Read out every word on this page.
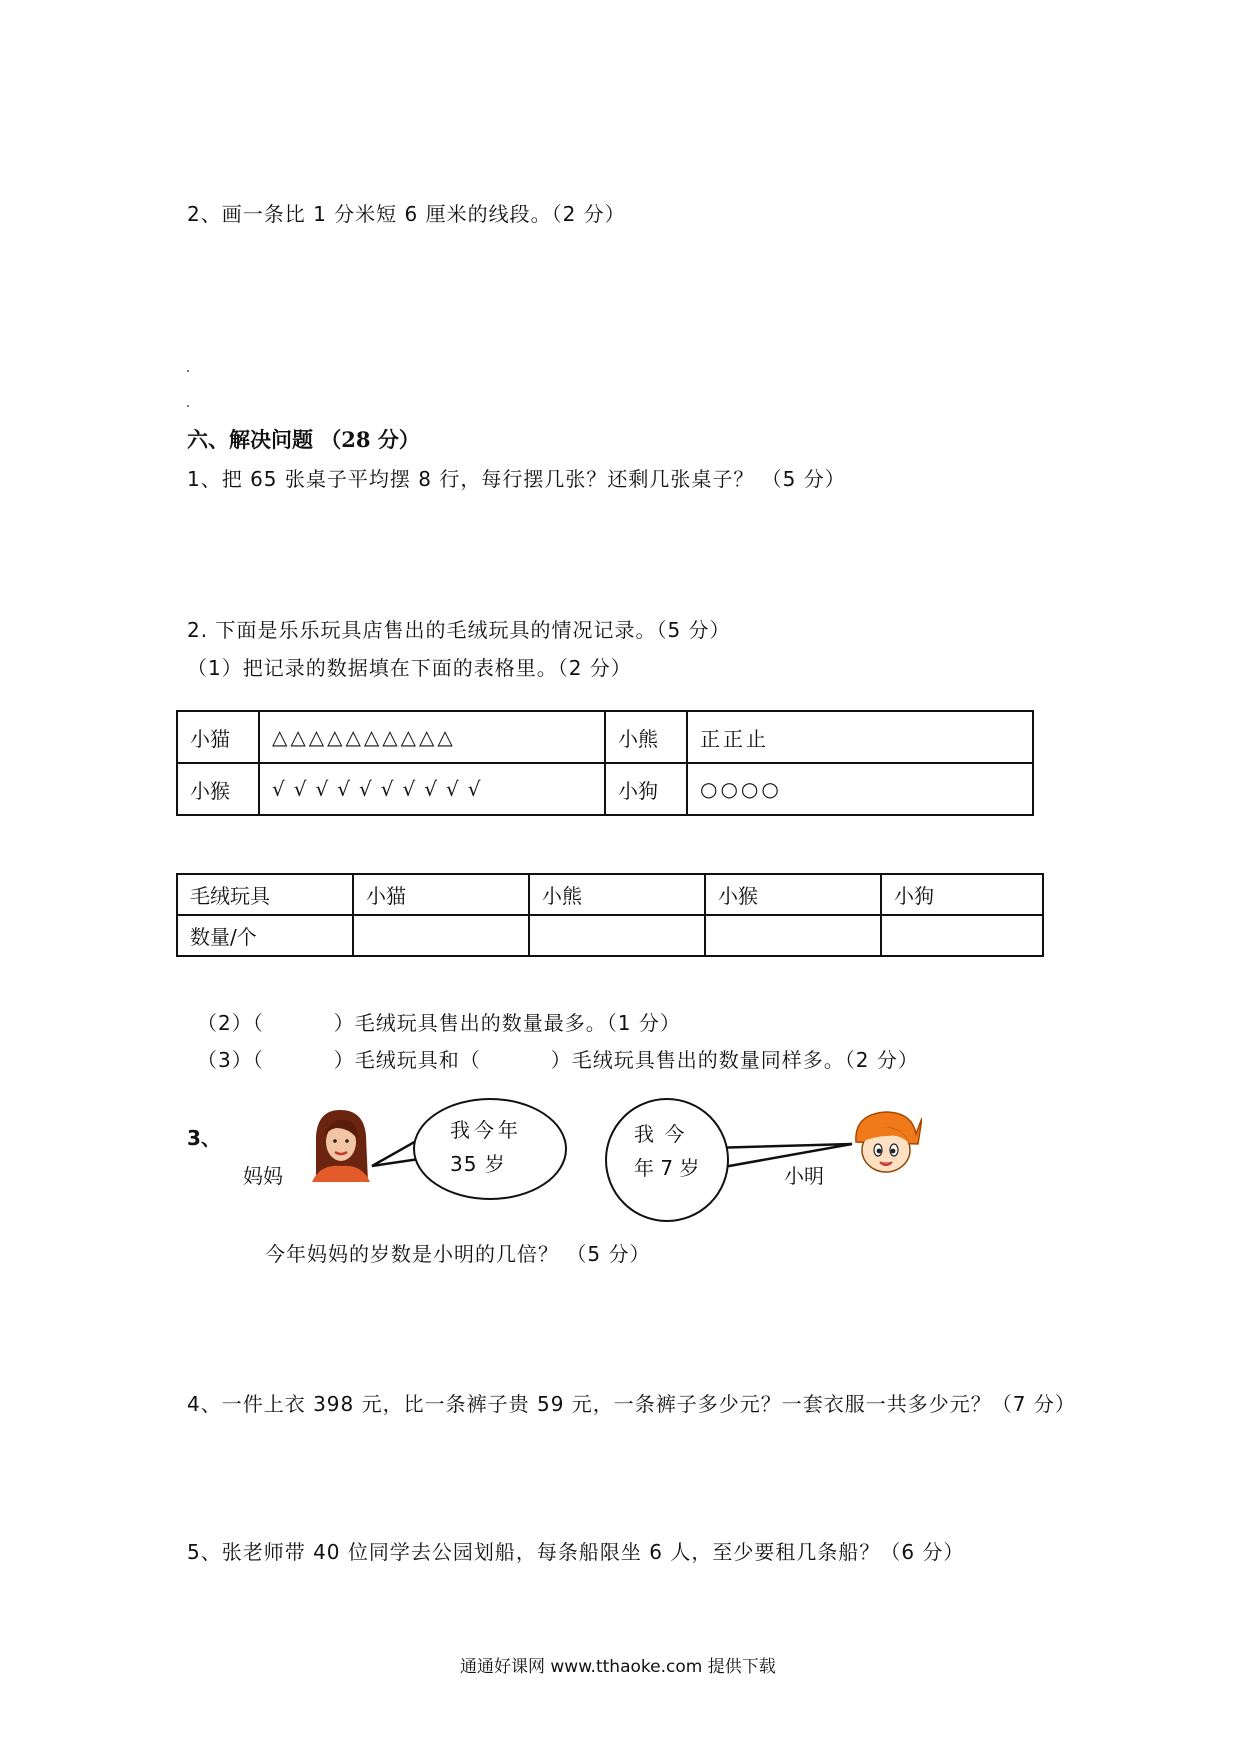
2、画一条比 1 分米短 6 厘米的线段。（2 分）
六、解决问题 （28 分）
1、把 65 张桌子平均摆 8 行，每行摆几张？还剩几张桌子？ （5 分）
2. 下面是乐乐玩具店售出的毛绒玩具的情况记录。（5 分）
（1）把记录的数据填在下面的表格里。（2 分）
小猫	△△△△△△△△△△	小熊	正正止
小猴	√√√√√√√√√√	小狗	○○○○
毛绒玩具	小猫	小熊	小猴	小狗
数量/个				
（2）（	）毛绒玩具售出的数量最多。（1 分）
（3）（	）毛绒玩具和（	）毛绒玩具售出的数量同样多。（2 分）
3、
妈妈
我今年
35 岁
我 今
年 7 岁	小明
今年妈妈的岁数是小明的几倍？ （5 分）
4、一件上衣 398 元，比一条裤子贵 59 元，一条裤子多少元？一套衣服一共多少元？（7 分）
5、张老师带 40 位同学去公园划船，每条船限坐 6 人，至少要租几条船？（6 分）
通通好课网 www.tthaoke.com 提供下载
